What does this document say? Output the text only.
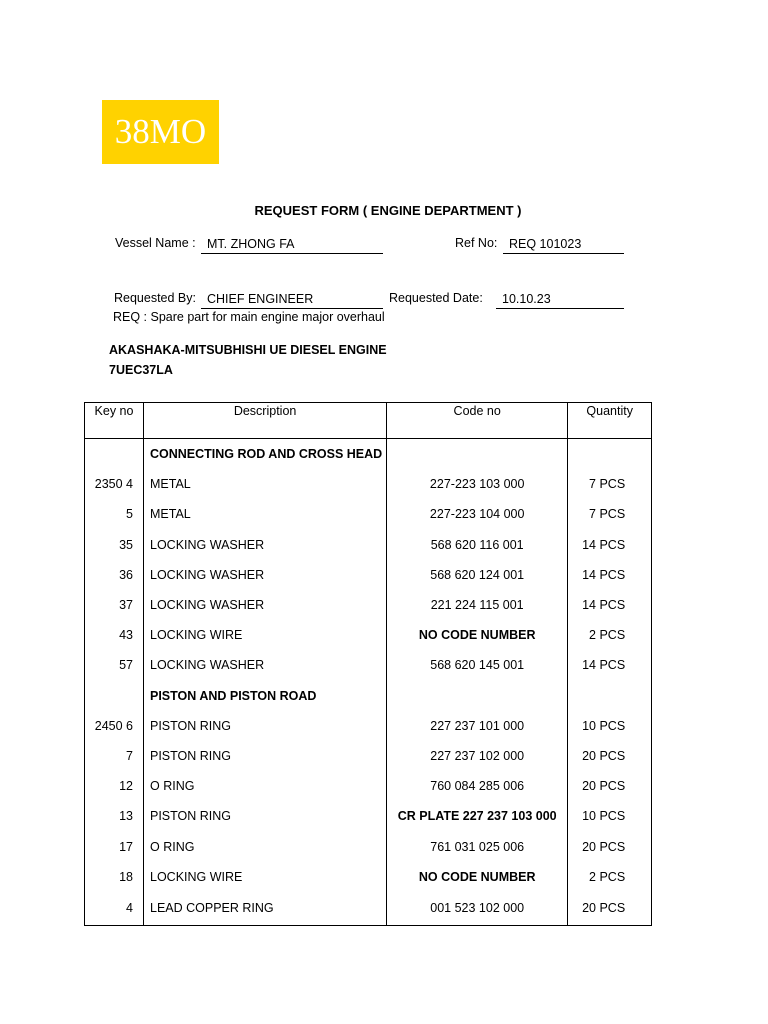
38MO
REQUEST FORM ( ENGINE DEPARTMENT )
Vessel Name : MT. ZHONG FA	Ref No: REQ 101023
Requested By: CHIEF ENGINEER	Requested Date:	10.10.23
REQ : Spare part for main engine major overhaul
AKASHAKA-MITSUBHISHI UE DIESEL ENGINE
7UEC37LA
Key no	Description	Code no	Quantity
	CONNECTING ROD AND CROSS HEAD		
2350 4	METAL	227-223 103 000	7 PCS
5	METAL	227-223 104 000	7 PCS
35	LOCKING WASHER	568 620 116 001	14 PCS
36	LOCKING WASHER	568 620 124 001	14 PCS
37	LOCKING WASHER	221 224 115 001	14 PCS
43	LOCKING WIRE	NO CODE NUMBER	2 PCS
57	LOCKING WASHER	568 620 145 001	14 PCS
	PISTON AND PISTON ROAD		
2450 6	PISTON RING	227 237 101 000	10 PCS
7	PISTON RING	227 237 102 000	20 PCS
12	O RING	760 084 285 006	20 PCS
13	PISTON RING	CR PLATE 227 237 103 000	10 PCS
17	O RING	761 031 025 006	20 PCS
18	LOCKING WIRE	NO CODE NUMBER	2 PCS
4	LEAD COPPER RING	001 523 102 000	20 PCS
